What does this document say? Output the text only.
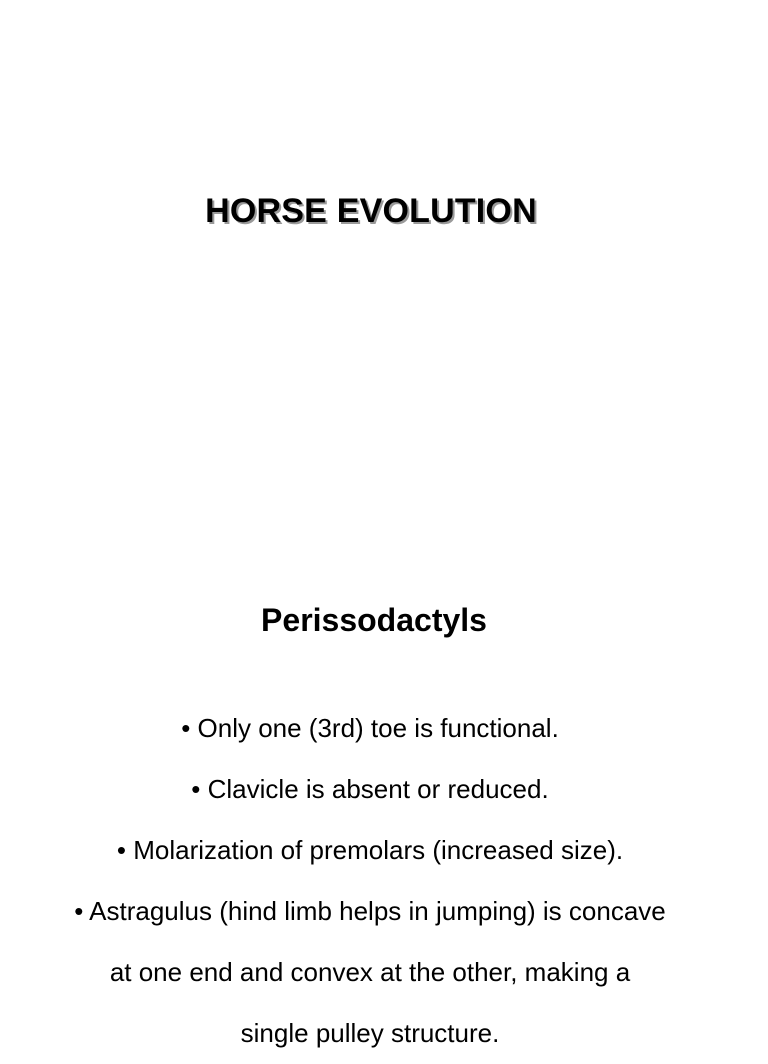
HORSE EVOLUTION
Perissodactyls
• Only one (3rd) toe is functional.
• Clavicle is absent or reduced.
• Molarization of premolars (increased size).
• Astragulus (hind limb helps in jumping) is concave
at one end and convex at the other, making a
single pulley structure.
